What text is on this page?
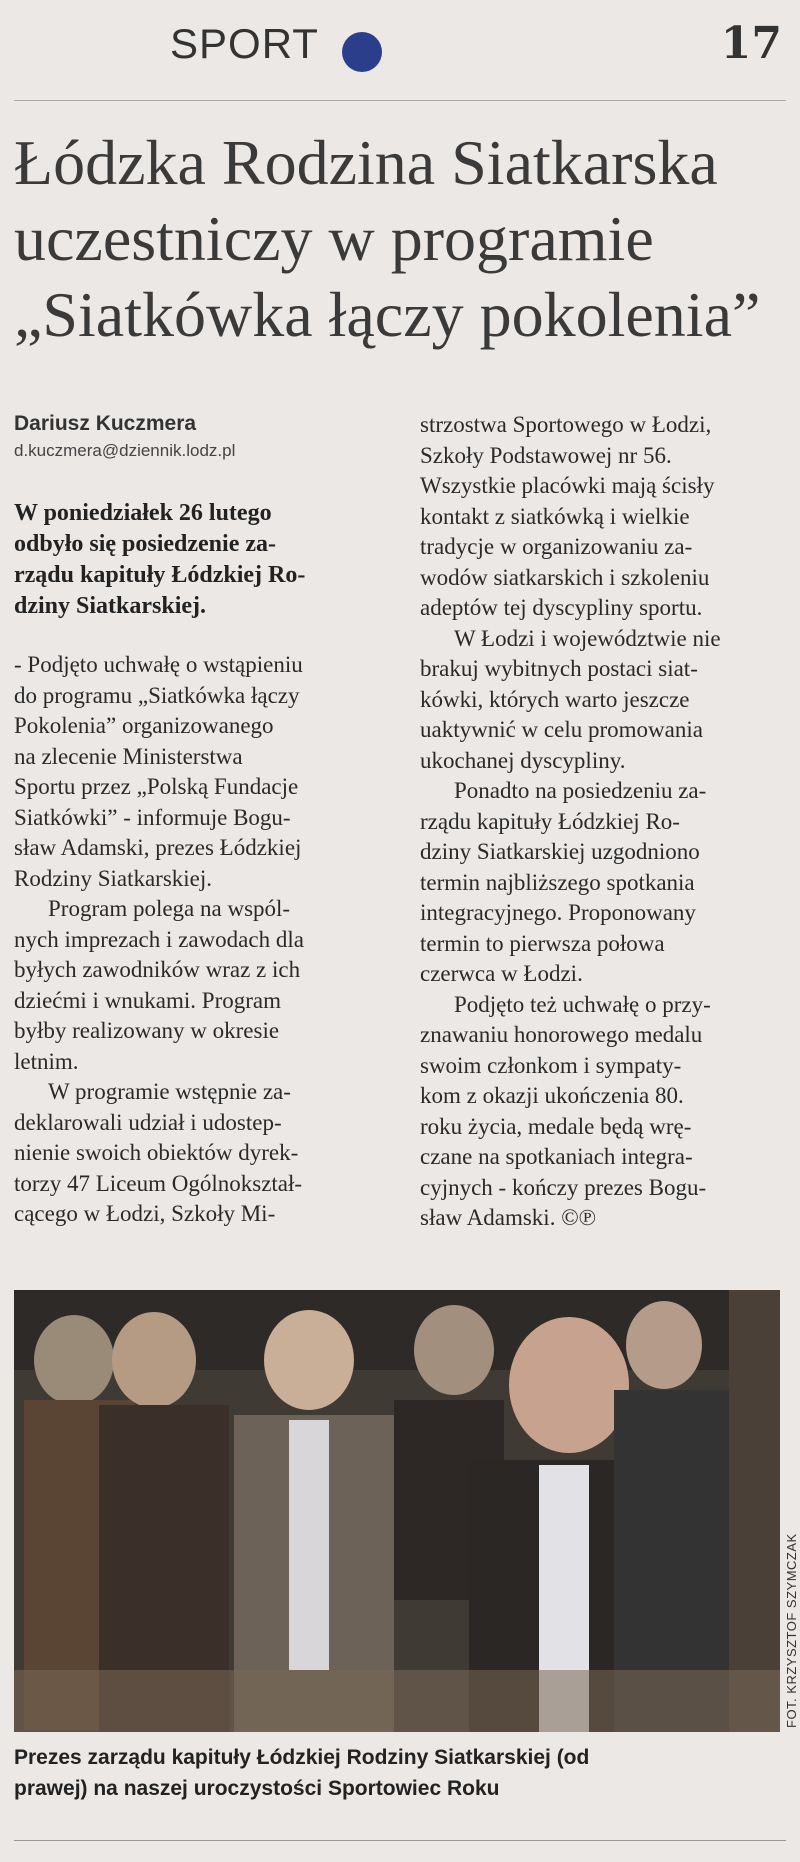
SPORT	17
Łódzka Rodzina Siatkarska
uczestniczy w programie
„Siatkówka łączy pokolenia”
Dariusz Kuczmera
d.kuczmera@dziennik.lodz.pl
W poniedziałek 26 lutego
odbyło się posiedzenie za-
rządu kapituły Łódzkiej Ro-
dziny Siatkarskiej.
- Podjęto uchwałę o wstąpieniu
do programu „Siatkówka łączy
Pokolenia” organizowanego
na zlecenie Ministerstwa
Sportu przez „Polską Fundacje
Siatkówki” - informuje Bogu-
sław Adamski, prezes Łódzkiej
Rodziny Siatkarskiej.
Program polega na wspól-
nych imprezach i zawodach dla
byłych zawodników wraz z ich
dziećmi i wnukami. Program
byłby realizowany w okresie
letnim.
W programie wstępnie za-
deklarowali udział i udostep-
nienie swoich obiektów dyrek-
torzy 47 Liceum Ogólnokształ-
cącego w Łodzi, Szkoły Mi-
strzostwa Sportowego w Łodzi,
Szkoły Podstawowej nr 56.
Wszystkie placówki mają ścisły
kontakt z siatkówką i wielkie
tradycje w organizowaniu za-
wodów siatkarskich i szkoleniu
adeptów tej dyscypliny sportu.
W Łodzi i województwie nie
brakuj wybitnych postaci siat-
kówki, których warto jeszcze
uaktywnić w celu promowania
ukochanej dyscypliny.
Ponadto na posiedzeniu za-
rządu kapituły Łódzkiej Ro-
dziny Siatkarskiej uzgodniono
termin najbliższego spotkania
integracyjnego. Proponowany
termin to pierwsza połowa
czerwca w Łodzi.
Podjęto też uchwałę o przy-
znawaniu honorowego medalu
swoim członkom i sympaty-
kom z okazji ukończenia 80.
roku życia, medale będą wrę-
czane na spotkaniach integra-
cyjnych - kończy prezes Bogu-
sław Adamski. ©℗
FOT. KRZYSZTOF SZYMCZAK

Prezes zarządu kapituły Łódzkiej Rodziny Siatkarskiej (od
prawej) na naszej uroczystości Sportowiec Roku
